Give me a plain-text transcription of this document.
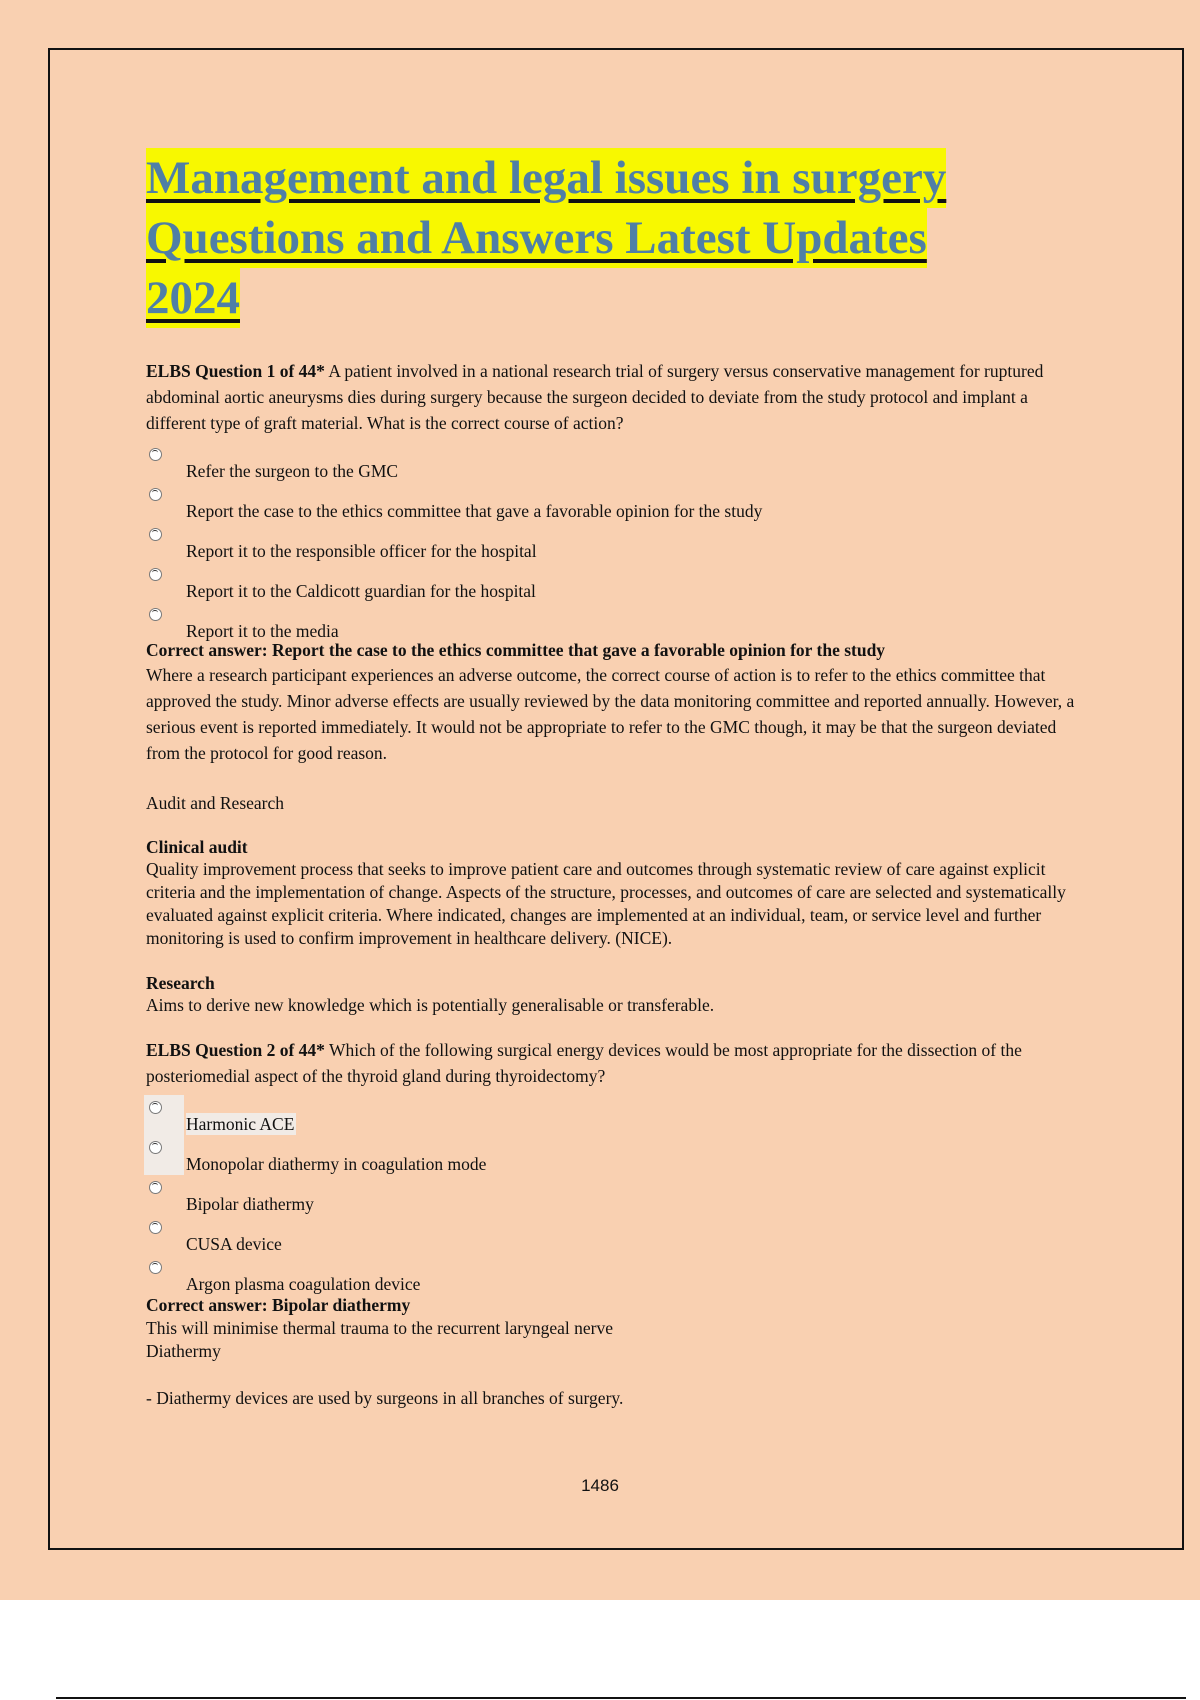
Management and legal issues in surgery
Questions and Answers Latest Updates
2024

ELBS Question 1 of 44* A patient involved in a national research trial of surgery versus conservative management for ruptured abdominal aortic aneurysms dies during surgery because the surgeon decided to deviate from the study protocol and implant a different type of graft material. What is the correct course of action?

Refer the surgeon to the GMC
Report the case to the ethics committee that gave a favorable opinion for the study
Report it to the responsible officer for the hospital
Report it to the Caldicott guardian for the hospital
Report it to the media

Correct answer: Report the case to the ethics committee that gave a favorable opinion for the study

Where a research participant experiences an adverse outcome, the correct course of action is to refer to the ethics committee that approved the study. Minor adverse effects are usually reviewed by the data monitoring committee and reported annually. However, a serious event is reported immediately. It would not be appropriate to refer to the GMC though, it may be that the surgeon deviated from the protocol for good reason.

Audit and Research

Clinical audit

Quality improvement process that seeks to improve patient care and outcomes through systematic review of care against explicit criteria and the implementation of change. Aspects of the structure, processes, and outcomes of care are selected and systematically evaluated against explicit criteria. Where indicated, changes are implemented at an individual, team, or service level and further monitoring is used to confirm improvement in healthcare delivery. (NICE).

Research

Aims to derive new knowledge which is potentially generalisable or transferable.

ELBS Question 2 of 44* Which of the following surgical energy devices would be most appropriate for the dissection of the posteriomedial aspect of the thyroid gland during thyroidectomy?

Harmonic ACE
Monopolar diathermy in coagulation mode
Bipolar diathermy
CUSA device
Argon plasma coagulation device

Correct answer: Bipolar diathermy

This will minimise thermal trauma to the recurrent laryngeal nerve

Diathermy

- Diathermy devices are used by surgeons in all branches of surgery.

1486
